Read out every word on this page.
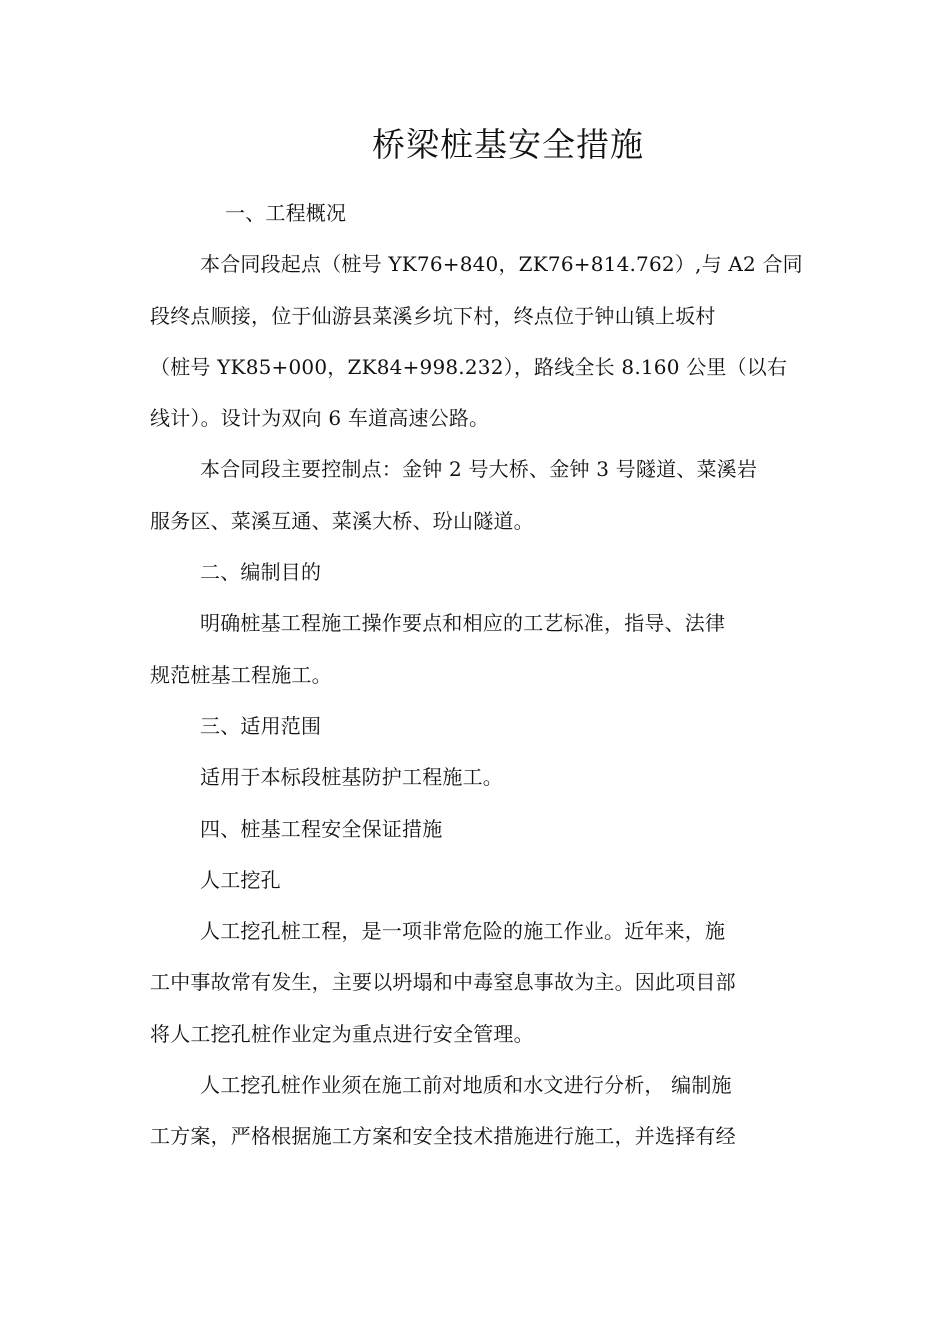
桥梁桩基安全措施
一、工程概况
本合同段起点（桩号 YK76+840，ZK76+814.762）,与 A2 合同
段终点顺接，位于仙游县菜溪乡坑下村，终点位于钟山镇上坂村
（桩号 YK85+000，ZK84+998.232），路线全长 8.160 公里（以右
线计）。设计为双向 6 车道高速公路。
本合同段主要控制点：金钟 2 号大桥、金钟 3 号隧道、菜溪岩
服务区、菜溪互通、菜溪大桥、玢山隧道。
二、编制目的
明确桩基工程施工操作要点和相应的工艺标准，指导、法律
规范桩基工程施工。
三、适用范围
适用于本标段桩基防护工程施工。
四、桩基工程安全保证措施
人工挖孔
人工挖孔桩工程，是一项非常危险的施工作业。近年来，施
工中事故常有发生，主要以坍塌和中毒窒息事故为主。因此项目部
将人工挖孔桩作业定为重点进行安全管理。
人工挖孔桩作业须在施工前对地质和水文进行分析， 编制施
工方案，严格根据施工方案和安全技术措施进行施工，并选择有经
